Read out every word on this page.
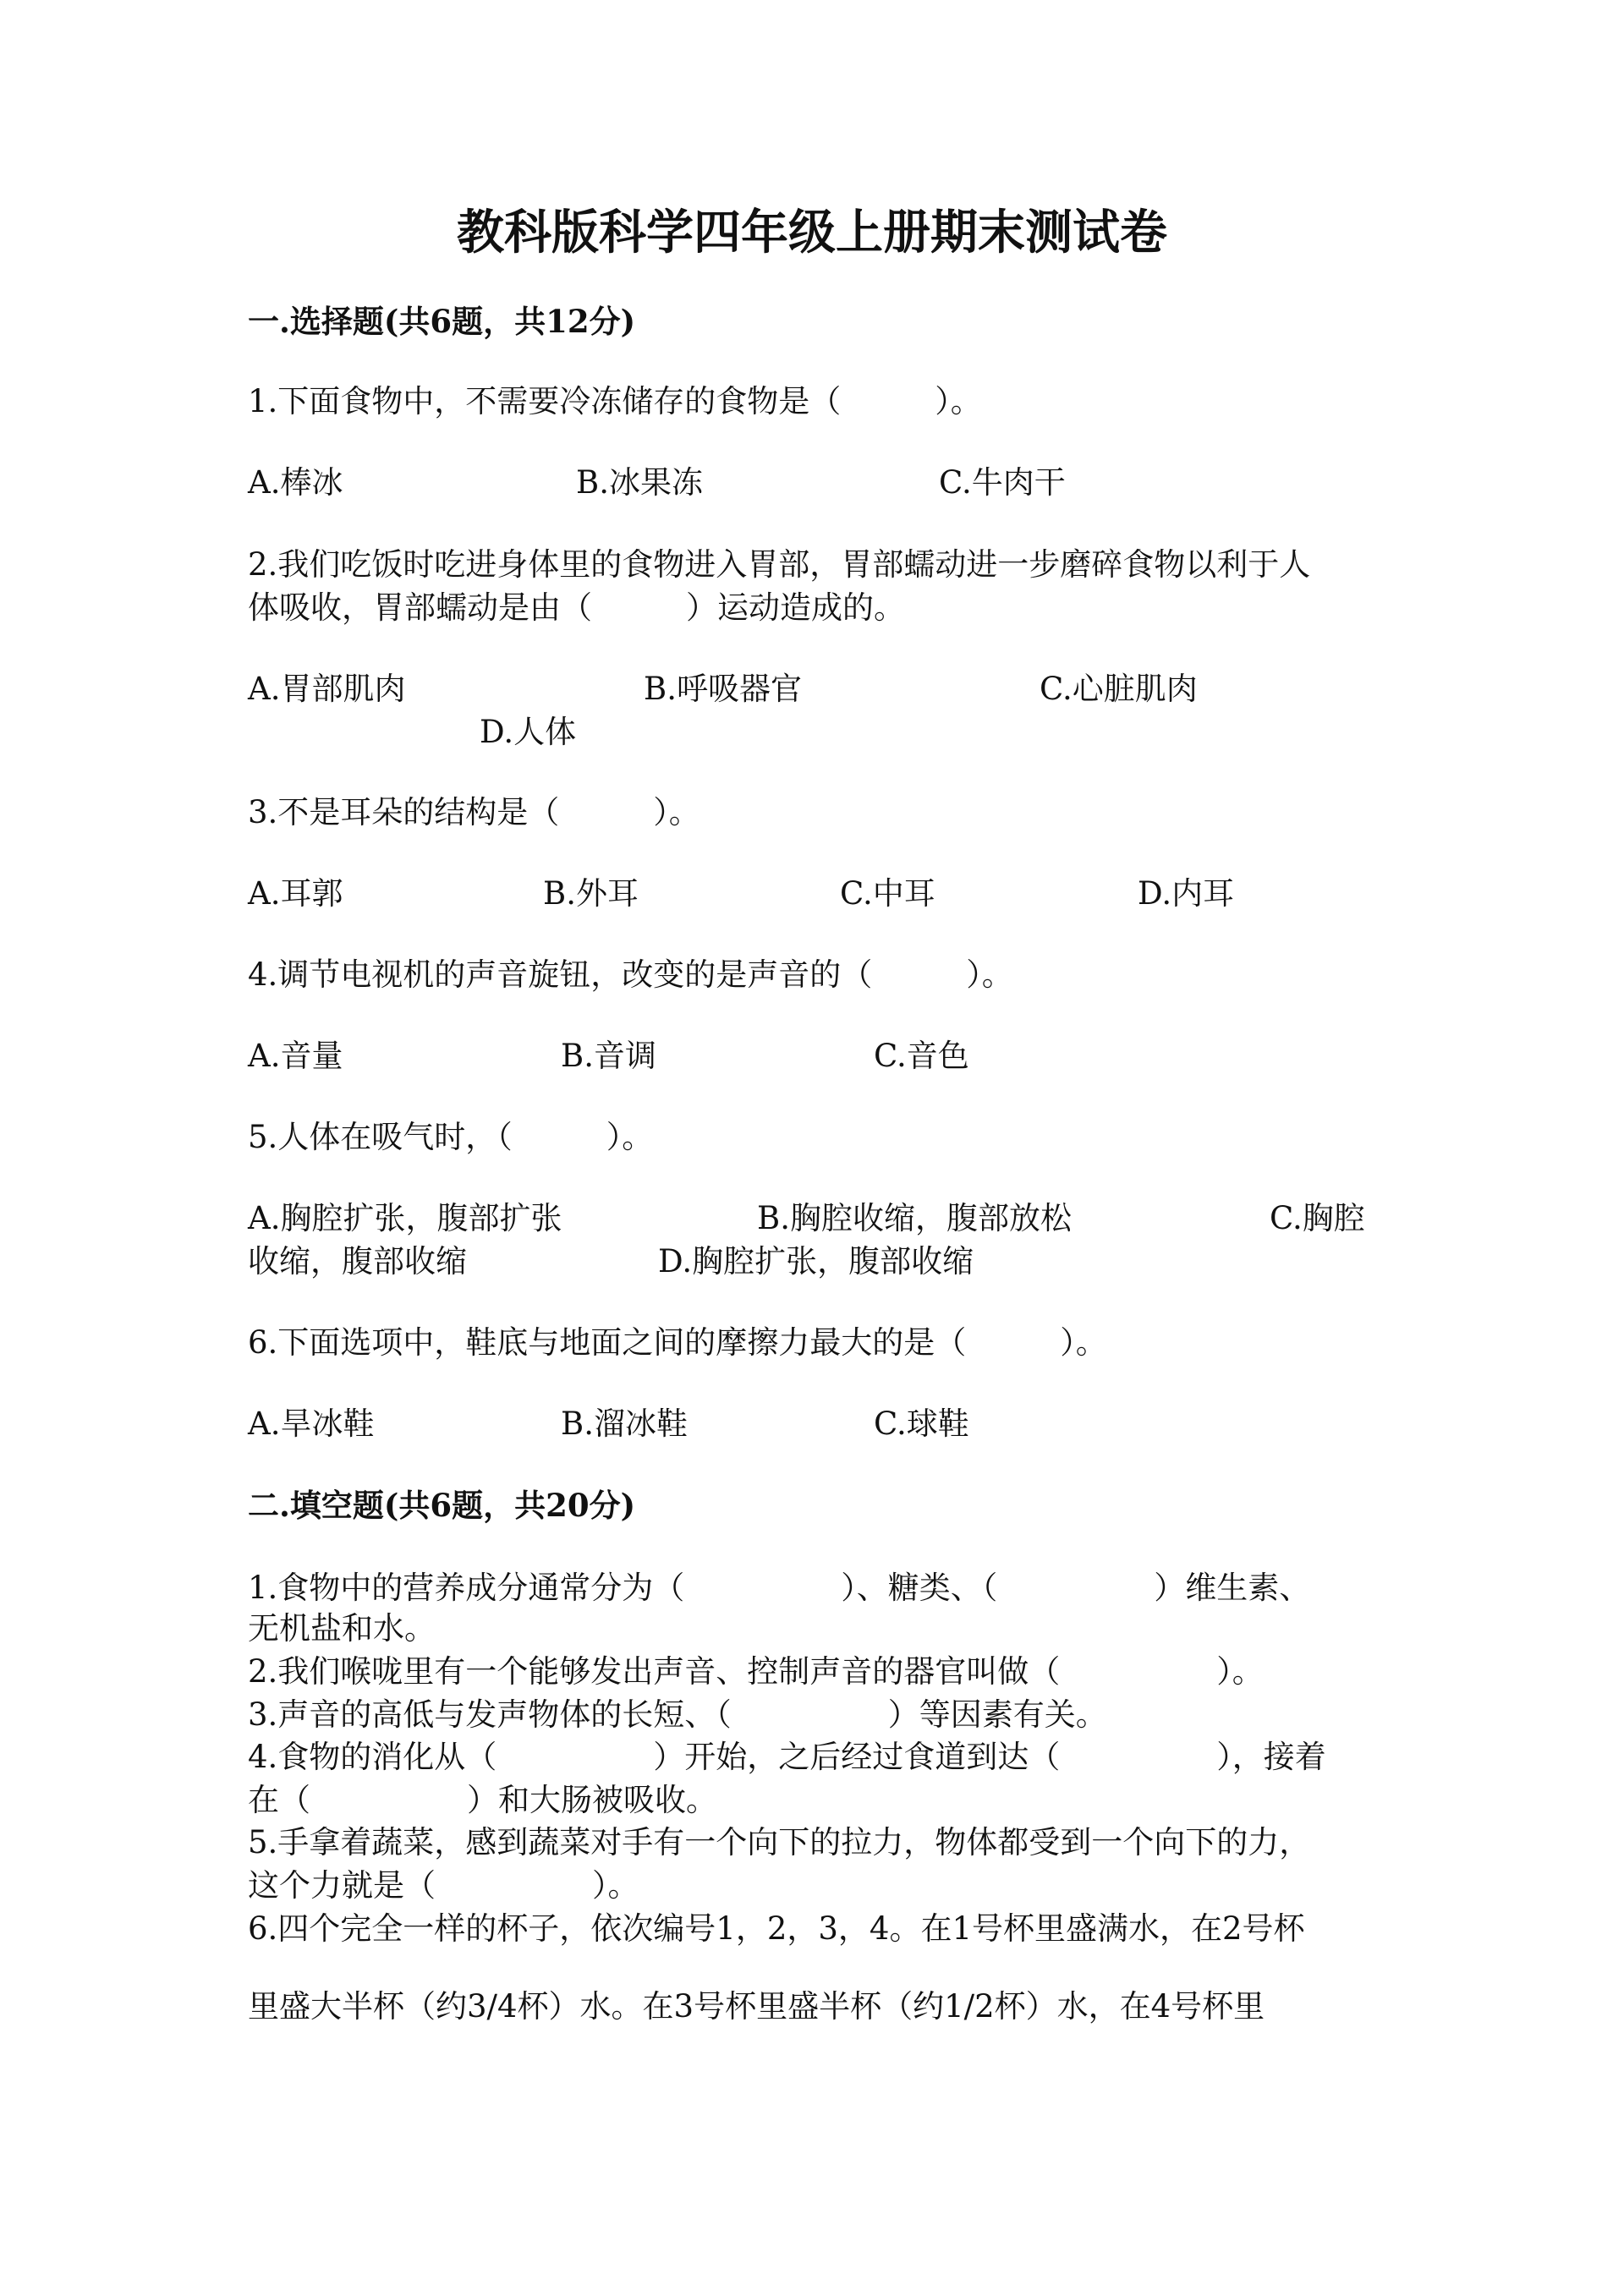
教科版科学四年级上册期末测试卷
一.选择题(共6题，共12分)
1.下面食物中，不需要冷冻储存的食物是（　　　）。
A.棒冰	B.冰果冻	C.牛肉干
2.我们吃饭时吃进身体里的食物进入胃部，胃部蠕动进一步磨碎食物以利于人
体吸收，胃部蠕动是由（　　　）运动造成的。
A.胃部肌肉	B.呼吸器官	C.心脏肌肉
D.人体
3.不是耳朵的结构是（　　　）。
A.耳郭	B.外耳	C.中耳	D.内耳
4.调节电视机的声音旋钮，改变的是声音的（　　　）。
A.音量	B.音调	C.音色
5.人体在吸气时，（　　　）。
A.胸腔扩张，腹部扩张	B.胸腔收缩，腹部放松	C.胸腔
收缩，腹部收缩	D.胸腔扩张，腹部收缩
6.下面选项中，鞋底与地面之间的摩擦力最大的是（　　　）。
A.旱冰鞋	B.溜冰鞋	C.球鞋
二.填空题(共6题，共20分)
1.食物中的营养成分通常分为（　　　　　）、糖类、（　　　　　）维生素、
无机盐和水。
2.我们喉咙里有一个能够发出声音、控制声音的器官叫做（　　　　　）。
3.声音的高低与发声物体的长短、（　　　　　）等因素有关。
4.食物的消化从（　　　　　）开始，之后经过食道到达（　　　　　），接着
在（　　　　　）和大肠被吸收。
5.手拿着蔬菜，感到蔬菜对手有一个向下的拉力，物体都受到一个向下的力，
这个力就是（　　　　　）。
6.四个完全一样的杯子，依次编号1，2，3，4。在1号杯里盛满水，在2号杯
里盛大半杯（约3/4杯）水。在3号杯里盛半杯（约1/2杯）水，在4号杯里
